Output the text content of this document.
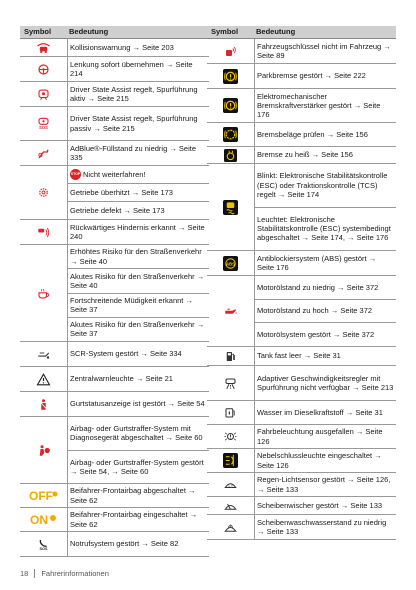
Symbol	Bedeutung
Kollisionswarnung → Seite 203
Lenkung sofort übernehmen → Seite 214
Driver State Assist regelt, Spurführung aktiv → Seite 215
SOS
Driver State Assist regelt, Spurführung passiv → Seite 215
AdBlue®-Füllstand zu niedrig → Seite 335
STOP Nicht weiterfahren!
Getriebe überhitzt → Seite 173
Getriebe defekt → Seite 173
Rückwärtiges Hindernis erkannt → Seite 240
Erhöhtes Risiko für den Straßenverkehr → Seite 40
Akutes Risiko für den Straßenverkehr → Seite 40
Fortschreitende Müdigkeit erkannt → Seite 37
Akutes Risiko für den Straßenverkehr → Seite 37
SCR-System gestört → Seite 334
Zentralwarnleuchte → Seite 21
Gurtstatusanzeige ist gestört → Seite 54
Airbag- oder Gurtstraffer-System mit Diagnosegerät abgeschaltet → Seite 60
Airbag- oder Gurtstraffer-System gestört → Seite 54, → Seite 60
OFF Beifahrer-Frontairbag abgeschaltet → Seite 62
ON	Beifahrer-Frontairbag eingeschaltet → Seite 62
SOS
Notrufsystem gestört → Seite 82
Symbol	Bedeutung
Fahrzeugschlüssel nicht im Fahrzeug → Seite 89
Parkbremse gestört → Seite 222
Elektromechanischer Bremskraftverstärker gestört → Seite 176
Bremsbeläge prüfen → Seite 156
Bremse zu heiß → Seite 156
Blinkt: Elektronische Stabilitätskontrolle (ESC) oder Traktionskontrolle (TCS) regelt → Seite 174
Leuchtet: Elektronische Stabilitätskontrolle (ESC) systembedingt abgeschaltet → Seite 174, → Seite 176
ABS
Antiblockiersystem (ABS) gestört → Seite 176
Motorölstand zu niedrig → Seite 372
Motorölstand zu hoch → Seite 372
Motorölsystem gestört → Seite 372
Tank fast leer → Seite 31
Adaptiver Geschwindigkeitsregler mit Spurführung nicht verfügbar → Seite 213
Wasser im Dieselkraftstoff → Seite 31
Fahrbeleuchtung ausgefallen → Seite 126
Nebelschlussleuchte eingeschaltet → Seite 126
Regen-Lichtsensor gestört → Seite 126, → Seite 133
Scheibenwischer gestört → Seite 133
Scheibenwaschwasserstand zu niedrig → Seite 133
18 Fahrerinformationen
